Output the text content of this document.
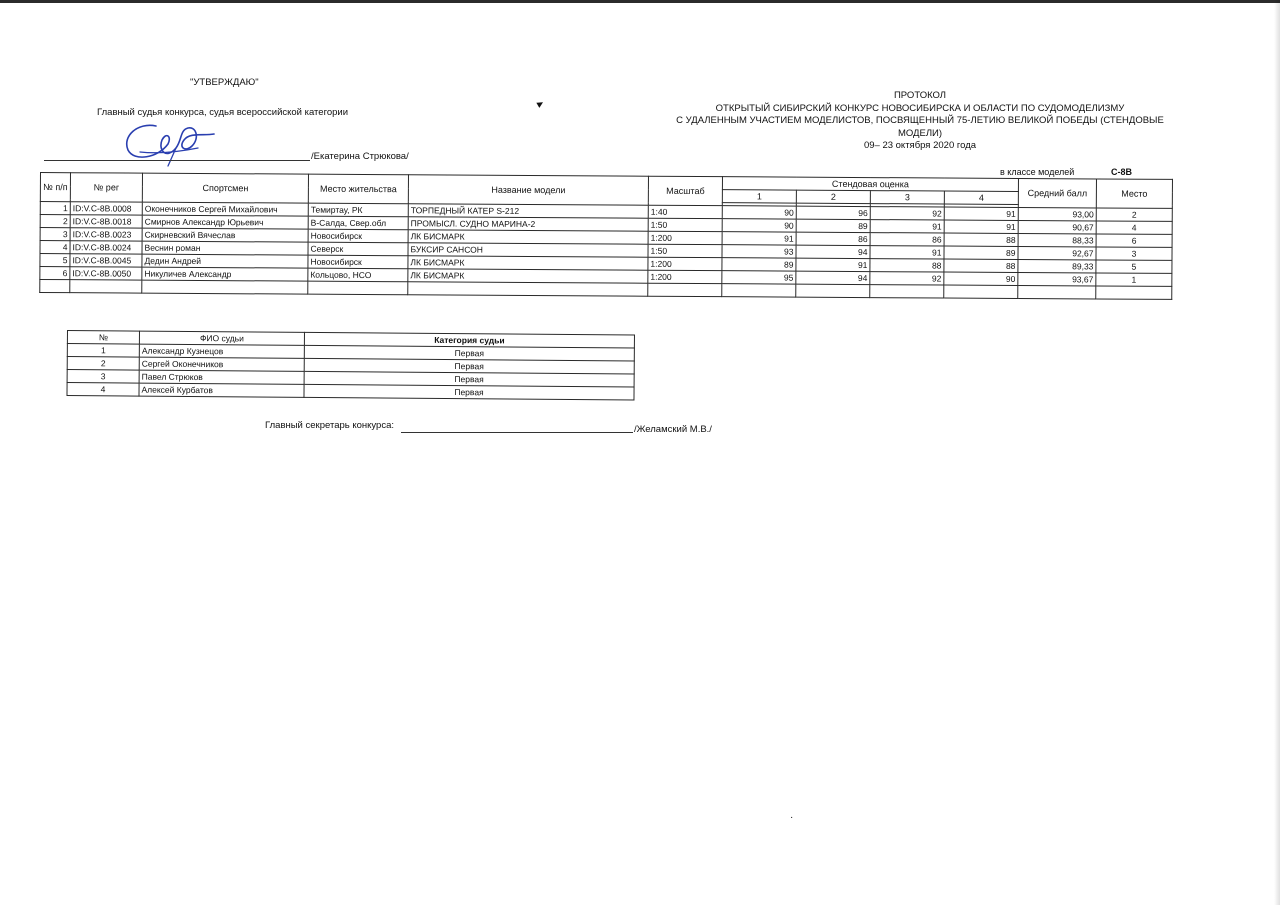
"УТВЕРЖДАЮ"
Главный судья конкурса, судья всероссийской категории
/Екатерина Стрюкова/
▸
·
ПРОТОКОЛ
ОТКРЫТЫЙ СИБИРСКИЙ КОНКУРС НОВОСИБИРСКА И ОБЛАСТИ ПО СУДОМОДЕЛИЗМУ
С УДАЛЕННЫМ УЧАСТИЕМ МОДЕЛИСТОВ, ПОСВЯЩЕННЫЙ 75-ЛЕТИЮ ВЕЛИКОЙ ПОБЕДЫ (СТЕНДОВЫЕ
МОДЕЛИ)
09– 23 октября 2020 года
в классе моделей	С-8В
№ п/п	№ рег	Спортсмен	Место жительства	Название модели	Масштаб	Стендовая оценка				Средний балл	Место
						1	2	3	4		

1	ID:V.C-8B.0008	Оконечников Сергей Михайлович	Темиртау, РК	ТОРПЕДНЫЙ КАТЕР S-212	1:40	90	96	92	91	93,00	2
2	ID:V.C-8B.0018	Смирнов Александр Юрьевич	В-Салда, Свер.обл	ПРОМЫСЛ. СУДНО МАРИНА-2	1:50	90	89	91	91	90,67	4
3	ID:V.C-8B.0023	Скирневский Вячеслав	Новосибирск	ЛК БИСМАРК	1:200	91	86	86	88	88,33	6
4	ID:V.C-8B.0024	Веснин роман	Северск	БУКСИР САНСОН	1:50	93	94	91	89	92,67	3
5	ID:V.C-8B.0045	Дедин Андрей	Новосибирск	ЛК БИСМАРК	1:200	89	91	88	88	89,33	5
6	ID:V.C-8B.0050	Никуличев Александр	Кольцово, НСО	ЛК БИСМАРК	1:200	95	94	92	90	93,67	1

№	ФИО судьи	Категория судьи
1	Александр Кузнецов	Первая
2	Сергей Оконечников	Первая
3	Павел Стрюков	Первая
4	Алексей Курбатов	Первая
Главный секретарь конкурса:	/Желамский М.В./
